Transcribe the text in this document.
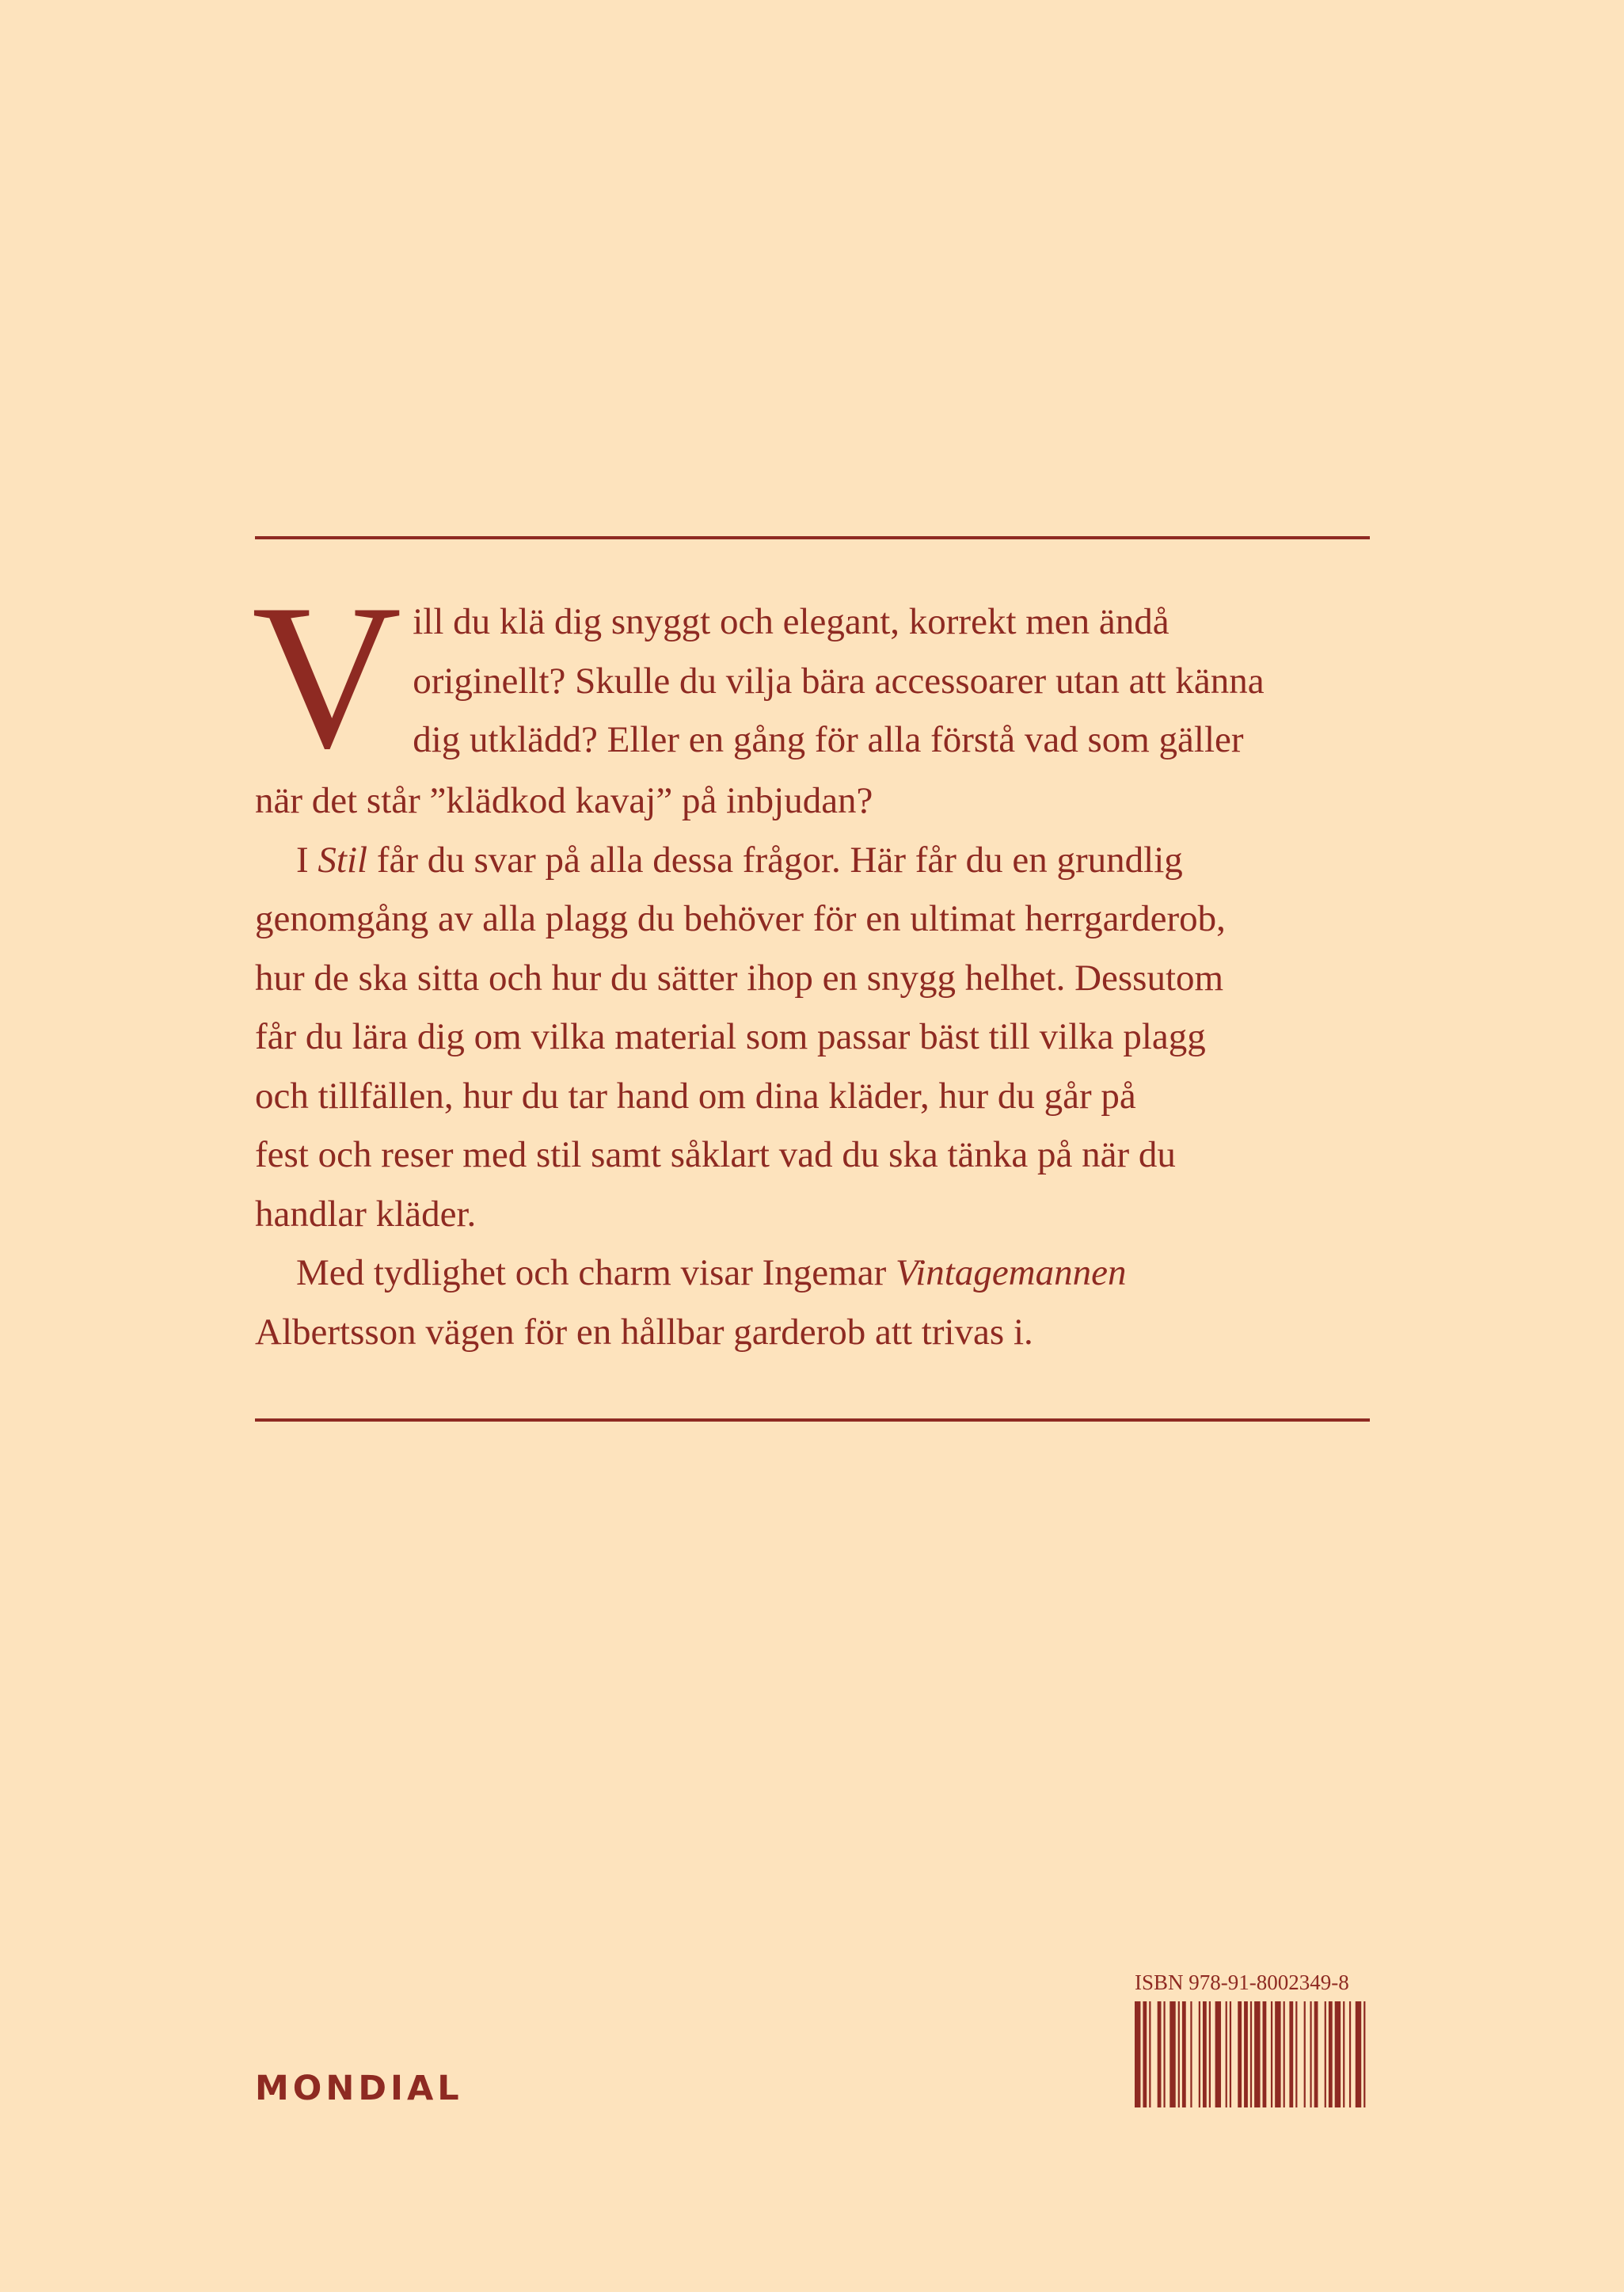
V ill du klä dig snyggt och elegant, korrekt men ändå
originellt? Skulle du vilja bära accessoarer utan att känna
dig utklädd? Eller en gång för alla förstå vad som gäller
när det står ”klädkod kavaj” på inbjudan?

I Stil får du svar på alla dessa frågor. Här får du en grundlig
genomgång av alla plagg du behöver för en ultimat herrgarderob,
hur de ska sitta och hur du sätter ihop en snygg helhet. Dessutom
får du lära dig om vilka material som passar bäst till vilka plagg
och tillfällen, hur du tar hand om dina kläder, hur du går på
fest och reser med stil samt såklart vad du ska tänka på när du
handlar kläder.

Med tydlighet och charm visar Ingemar Vintagemannen
Albertsson vägen för en hållbar garderob att trivas i.

MONDIAL
ISBN 978-91-8002349-8
